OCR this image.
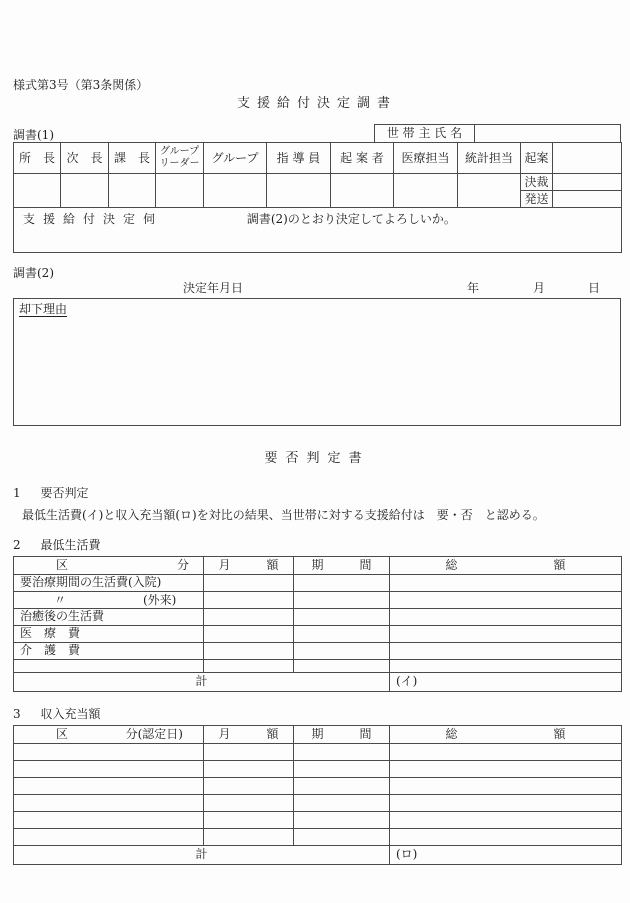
様式第3号（第3条関係）
支援給付決定調書
調書(1)	世 帯 主 氏 名	
所　長	次　長	課　長	グループリーダー	グループ	指 導 員	起 案 者	医療担当	統計担当	起案	
									決裁	
									発送	
支援給付決定伺 調書(2)のとおり決定してよろしいか。										
調書(2)
決定年月日	年	月	日
却下理由
要否判定書
1 要否判定
最低生活費(イ)と収入充当額(ロ)を対比の結果、当世帯に対する支援給付は　要・否　と認める。
2 最低生活費
区 分	月　　　額	期　　　間	総　　　　　　　　額
要治療期間の生活費(入院)			

〃 (外来)			

治癒後の生活費			
医　療　費			
介　護　費			

計			(イ)
3 収入充当額
区 分(認定日)	月　　　額	期　　　間	総　　　　　　　　額

計			(ロ)
